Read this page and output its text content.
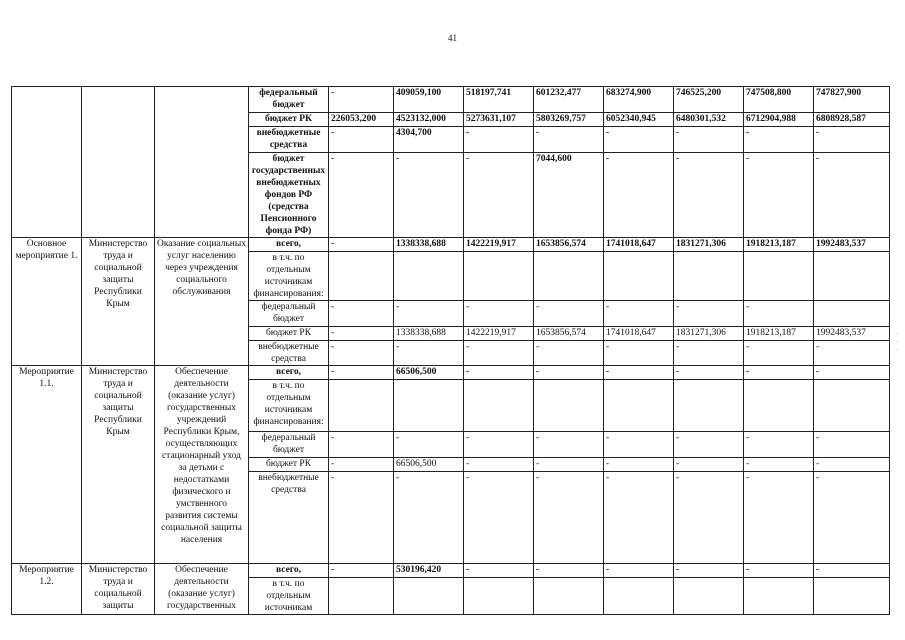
41
			федеральный бюджет	-	409059,100	518197,741	601232,477	683274,900	746525,200	747508,800	747827,900
			бюджет РК	226053,200	4523132,000	5273631,107	5803269,757	6052340,945	6480301,532	6712904,988	6808928,587
			внебюджетные средства	-	4304,700	-	-	-	-	-	-
			бюджет государственных внебюджетных фондов РФ (средства Пенсионного фонда РФ)	-	-	-	7044,600	-	-	-	-
Основное мероприятие 1.	Министерство труда и социальной защиты Республики Крым	Оказание социальных услуг населению через учреждения социального обслуживания	всего,	-	1338338,688	1422219,917	1653856,574	1741018,647	1831271,306	1918213,187	1992483,537
			в т.ч. по отдельным источникам финансирования:								
			федеральный бюджет	-	-	-	-	-	-	-	
			бюджет РК	-	1338338,688	1422219,917	1653856,574	1741018,647	1831271,306	1918213,187	1992483,537
			внебюджетные средства	-	-	-	-	-	-	-	-
Мероприятие 1.1.	Министерство труда и социальной защиты Республики Крым	Обеспечение деятельности (оказание услуг) государственных учреждений Республики Крым, осуществляющих стационарный уход за детьми с недостатками физического и умственного развития системы социальной защиты населения	всего,	-	66506,500	-	-	-	-	-	-
			в т.ч. по отдельным источникам финансирования:								
			федеральный бюджет	-	-	-	-	-	-	-	-
			бюджет РК	-	66506,500	-	-	-	-	-	-
			внебюджетные средства	-	-	-	-	-	-	-	-
Мероприятие 1.2.	Министерство труда и социальной защиты	Обеспечение деятельности (оказание услуг) государственных	всего,	-	530196,420	-	-	-	-	-	-
			в т.ч. по отдельным источникам								
·
·
·
